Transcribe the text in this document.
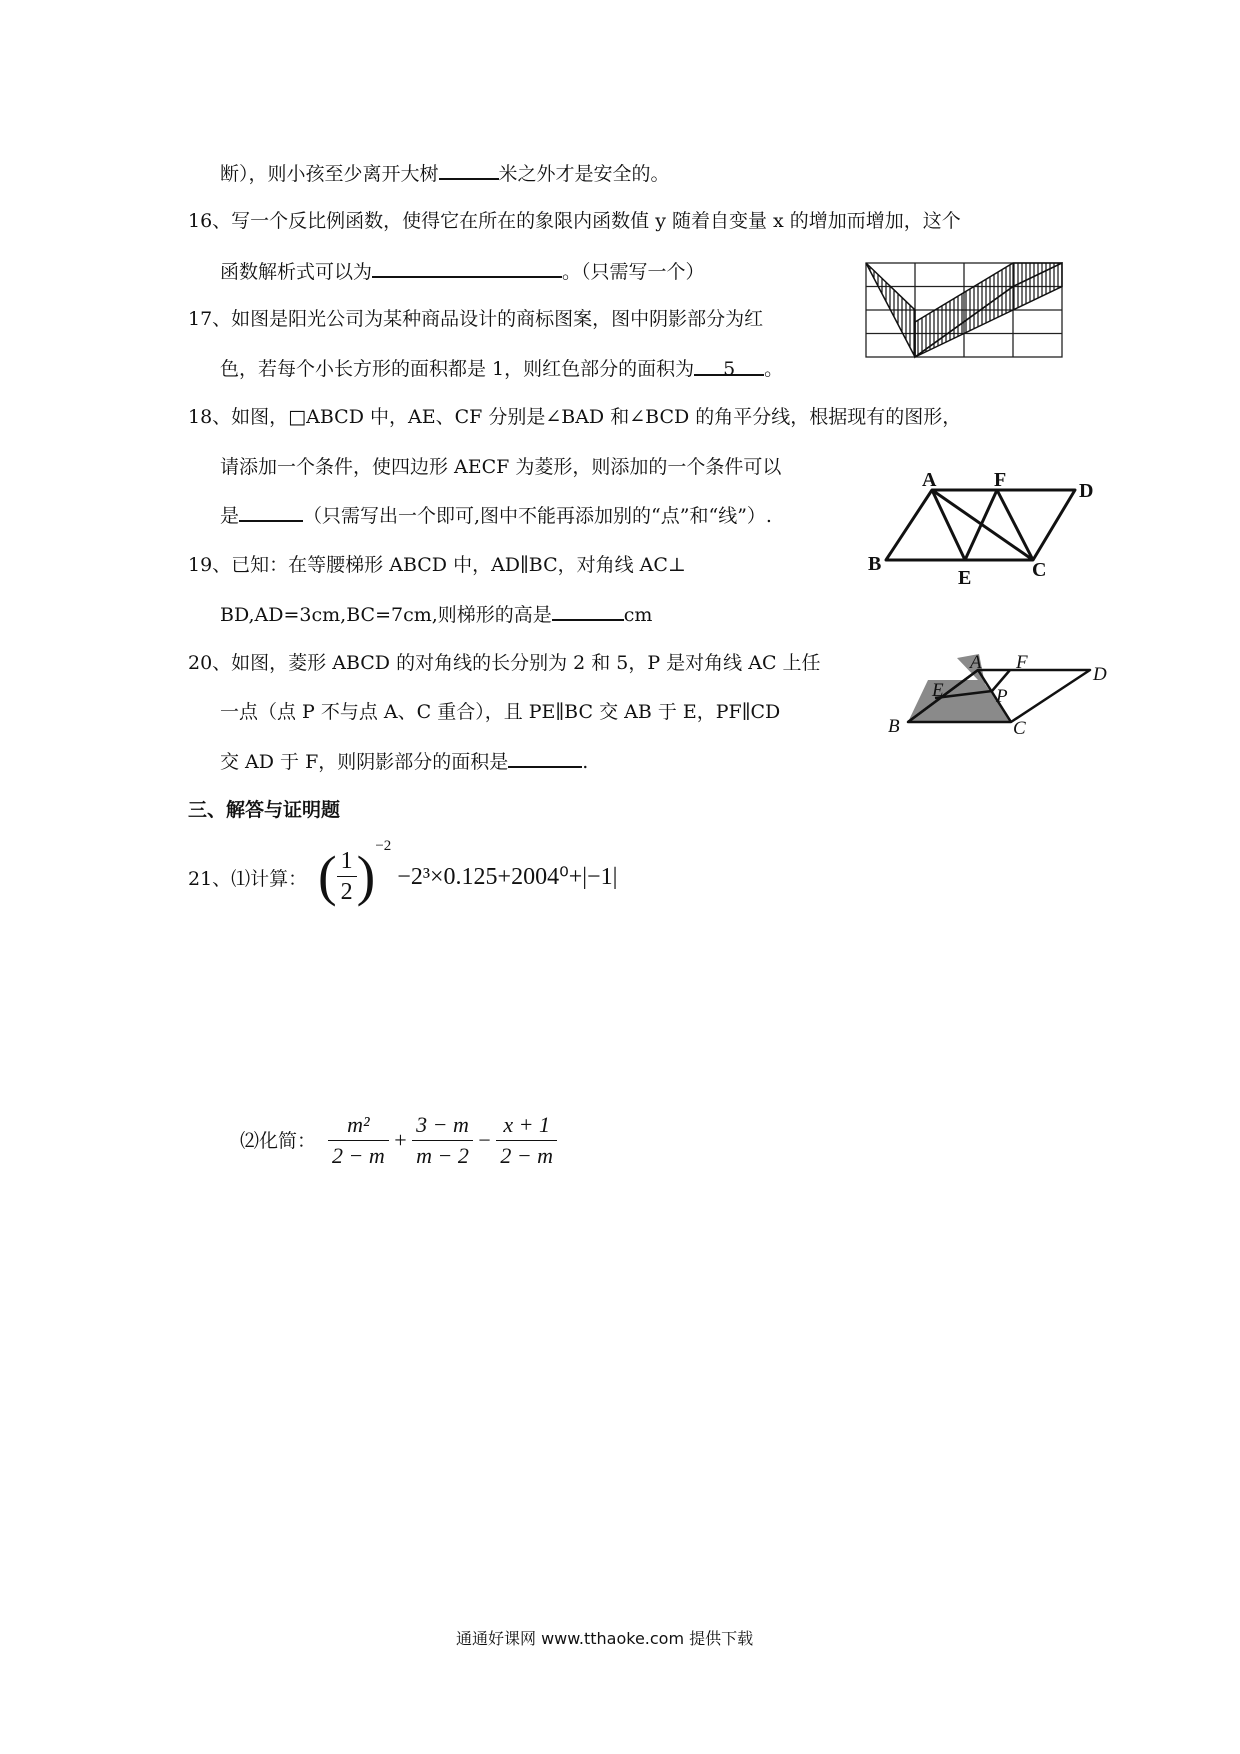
断），则小孩至少离开大树	米之外才是安全的。
16、写一个反比例函数，使得它在所在的象限内函数值 y 随着自变量 x 的增加而增加，这个
函数解析式可以为	。（只需写一个）
17、如图是阳光公司为某种商品设计的商标图案，图中阴影部分为红
色，若每个小长方形的面积都是 1，则红色部分的面积为 5 。
18、如图，□ABCD 中，AE、CF 分别是∠BAD 和∠BCD 的角平分线，根据现有的图形，
请添加一个条件，使四边形 AECF 为菱形，则添加的一个条件可以
是	（只需写出一个即可,图中不能再添加别的“点”和“线”）.
A	F	D
B
E	C
19、已知：在等腰梯形 ABCD 中，AD∥BC，对角线 AC⊥
BD,AD=3cm,BC=7cm,则梯形的高是	cm
20、如图，菱形 ABCD 的对角线的长分别为 2 和 5，P 是对角线 AC 上任
一点（点 P 不与点 A、C 重合），且 PE∥BC 交 AB 于 E，PF∥CD
交 AD 于 F，则阴影部分的面积是	.
A F
D
E	P
B	C
三、解答与证明题
21、⑴计算： ( $\frac{1}{2} )^{-2} -2^3\times 0.125+2004^0+|-1|$
⑵化简： $\frac{\text{m²}}{2 - m} + \frac{3 - m}{m - 2} - \frac{x + 1}{2 - m}$
通通好课网 www.tthaoke.com 提供下载
